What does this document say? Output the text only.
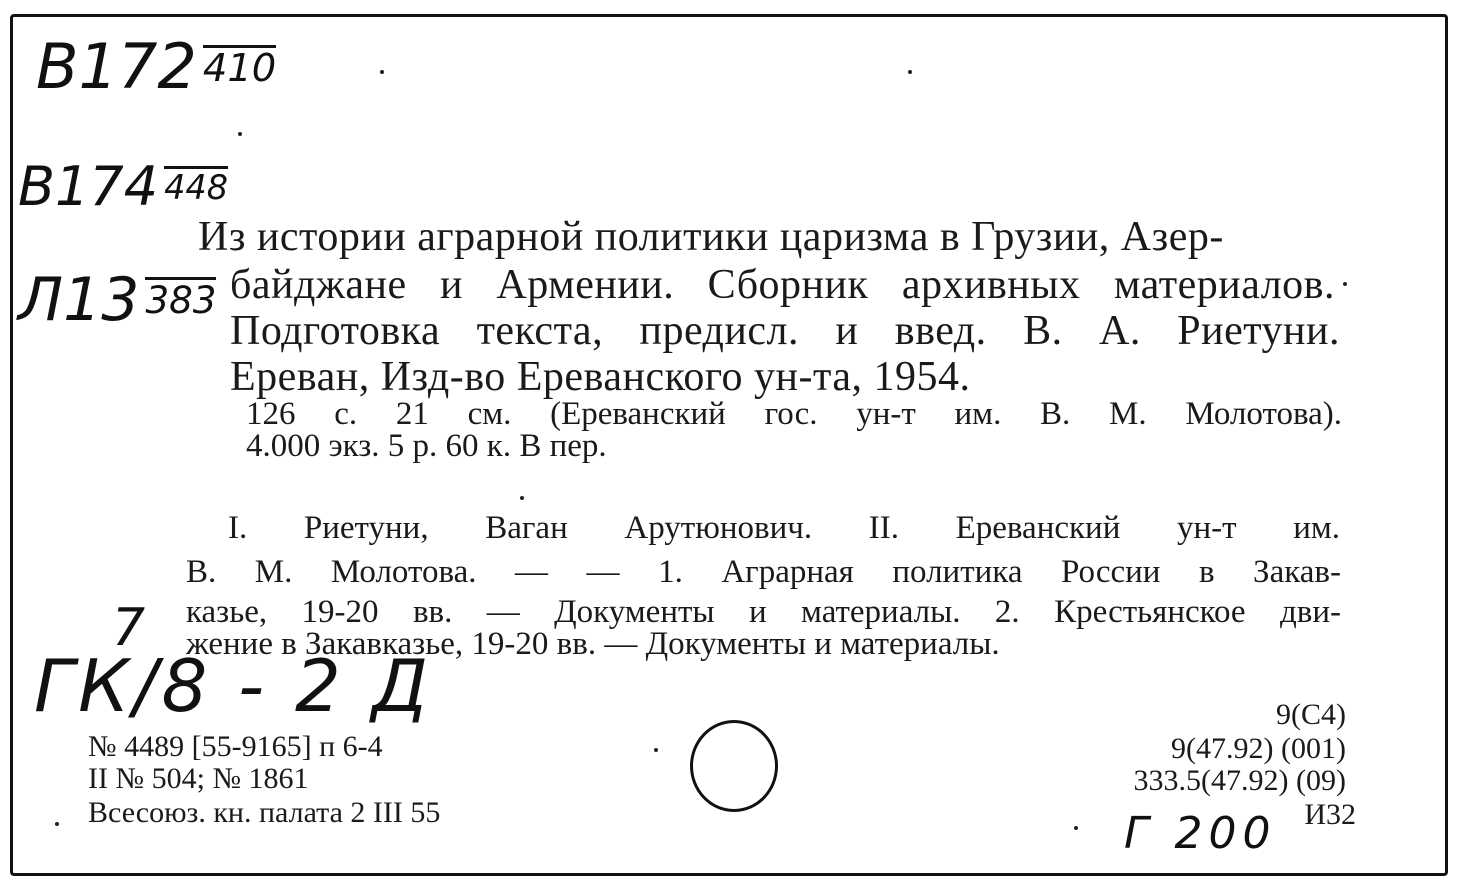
В172 410
В174 448
Л13 383
ГК/8 - 2 Д
7
Г 200
Из истории аграрной политики царизма в Грузии, Азер-
байджане и Армении. Сборник архивных материалов.
Подготовка текста, предисл. и введ. В. А. Риетуни.
Ереван, Изд-во Ереванского ун-та, 1954.
126 с. 21 см. (Ереванский гос. ун-т им. В. М. Молотова).
4.000 экз. 5 р. 60 к. В пер.
I. Риетуни, Ваган Арутюнович. II. Ереванский ун-т им.
В. М. Молотова. — — 1. Аграрная политика России в Закав-
казье, 19-20 вв. — Документы и материалы. 2. Крестьянское дви-
жение в Закавказье, 19-20 вв. — Документы и материалы.
№ 4489 [55-9165] п 6-4
II № 504; № 1861
Всесоюз. кн. палата 2 III 55
9(С4)
9(47.92) (001)
333.5(47.92) (09)
И32
